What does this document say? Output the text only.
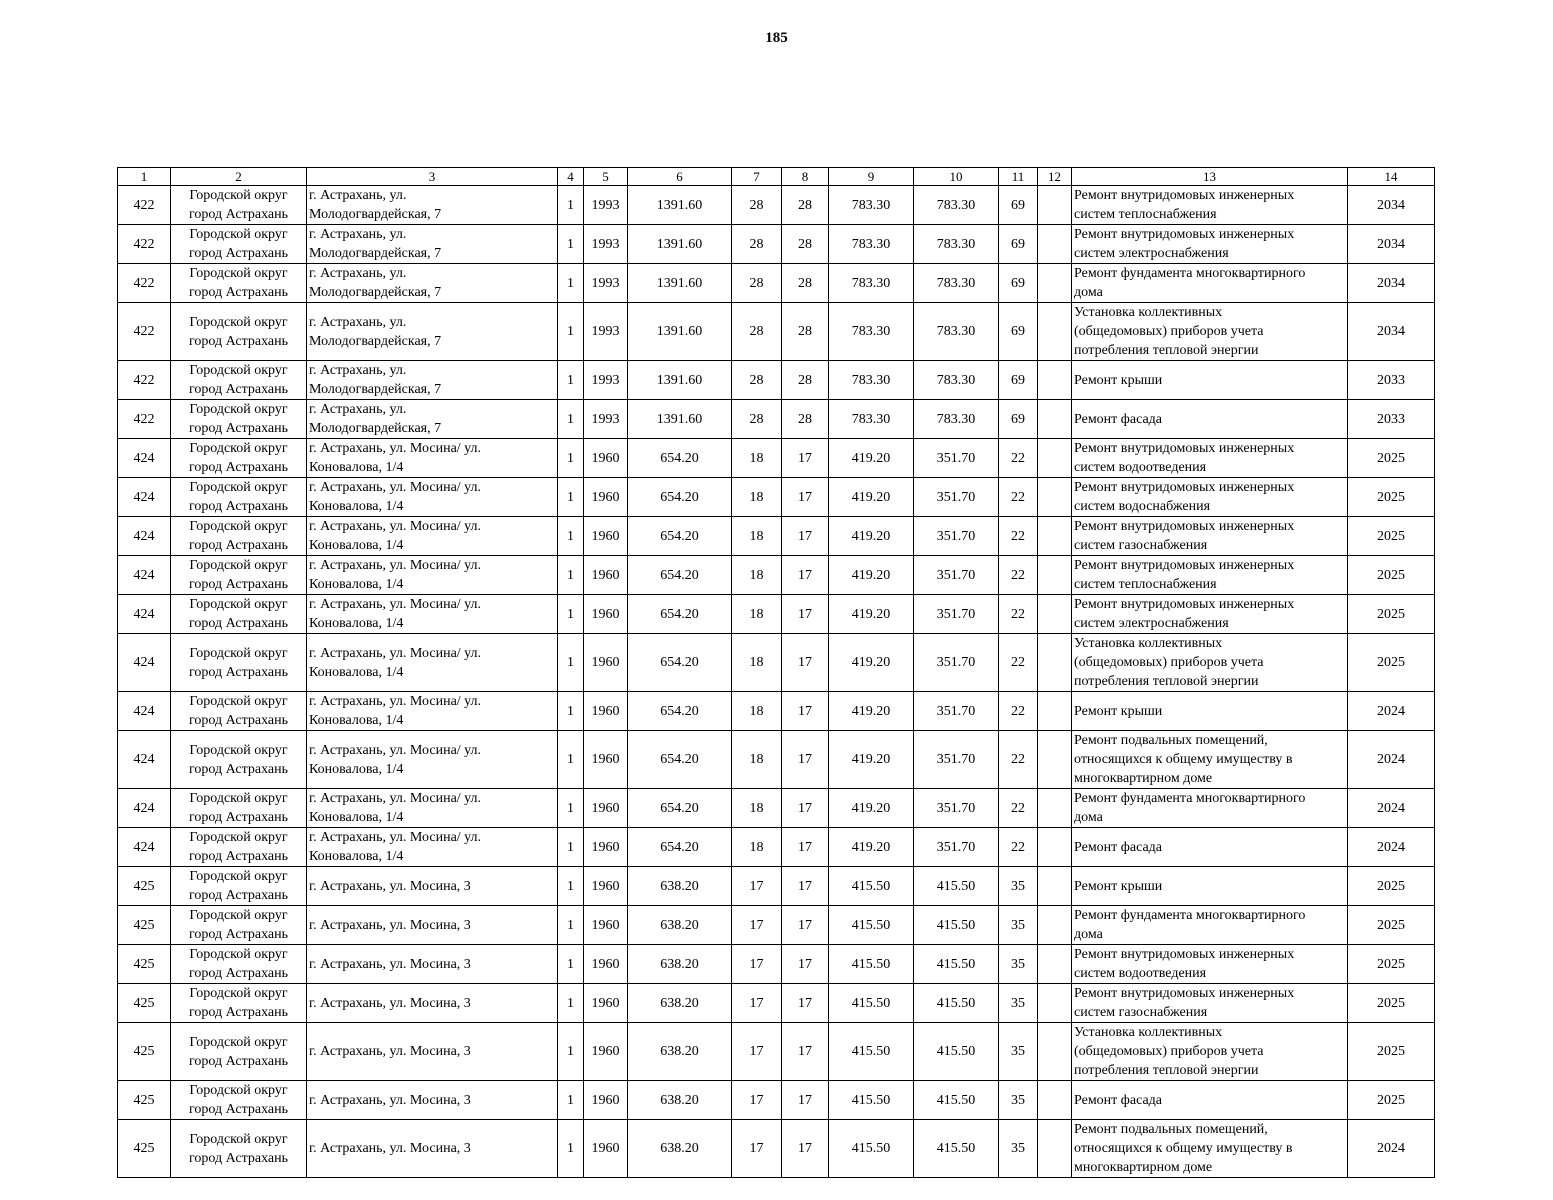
185
1	2	3	4	5	6	7	8	9	10	11	12	13	14
422	Городской округ
город Астрахань	г. Астрахань, ул.
Молодогвардейская, 7	1	1993	1391.60	28	28	783.30	783.30	69		Ремонт внутридомовых инженерных
систем теплоснабжения	2034
422	Городской округ
город Астрахань	г. Астрахань, ул.
Молодогвардейская, 7	1	1993	1391.60	28	28	783.30	783.30	69		Ремонт внутридомовых инженерных
систем электроснабжения	2034
422	Городской округ
город Астрахань	г. Астрахань, ул.
Молодогвардейская, 7	1	1993	1391.60	28	28	783.30	783.30	69		Ремонт фундамента многоквартирного
дома	2034
422	Городской округ
город Астрахань	г. Астрахань, ул.
Молодогвардейская, 7	1	1993	1391.60	28	28	783.30	783.30	69		Установка коллективных
(общедомовых) приборов учета
потребления тепловой энергии	2034
422	Городской округ
город Астрахань	г. Астрахань, ул.
Молодогвардейская, 7	1	1993	1391.60	28	28	783.30	783.30	69		Ремонт крыши	2033
422	Городской округ
город Астрахань	г. Астрахань, ул.
Молодогвардейская, 7	1	1993	1391.60	28	28	783.30	783.30	69		Ремонт фасада	2033
424	Городской округ
город Астрахань	г. Астрахань, ул. Мосина/ ул.
Коновалова, 1/4	1	1960	654.20	18	17	419.20	351.70	22		Ремонт внутридомовых инженерных
систем водоотведения	2025
424	Городской округ
город Астрахань	г. Астрахань, ул. Мосина/ ул.
Коновалова, 1/4	1	1960	654.20	18	17	419.20	351.70	22		Ремонт внутридомовых инженерных
систем водоснабжения	2025
424	Городской округ
город Астрахань	г. Астрахань, ул. Мосина/ ул.
Коновалова, 1/4	1	1960	654.20	18	17	419.20	351.70	22		Ремонт внутридомовых инженерных
систем газоснабжения	2025
424	Городской округ
город Астрахань	г. Астрахань, ул. Мосина/ ул.
Коновалова, 1/4	1	1960	654.20	18	17	419.20	351.70	22		Ремонт внутридомовых инженерных
систем теплоснабжения	2025
424	Городской округ
город Астрахань	г. Астрахань, ул. Мосина/ ул.
Коновалова, 1/4	1	1960	654.20	18	17	419.20	351.70	22		Ремонт внутридомовых инженерных
систем электроснабжения	2025
424	Городской округ
город Астрахань	г. Астрахань, ул. Мосина/ ул.
Коновалова, 1/4	1	1960	654.20	18	17	419.20	351.70	22		Установка коллективных
(общедомовых) приборов учета
потребления тепловой энергии	2025
424	Городской округ
город Астрахань	г. Астрахань, ул. Мосина/ ул.
Коновалова, 1/4	1	1960	654.20	18	17	419.20	351.70	22		Ремонт крыши	2024
424	Городской округ
город Астрахань	г. Астрахань, ул. Мосина/ ул.
Коновалова, 1/4	1	1960	654.20	18	17	419.20	351.70	22		Ремонт подвальных помещений,
относящихся к общему имуществу в
многоквартирном доме	2024
424	Городской округ
город Астрахань	г. Астрахань, ул. Мосина/ ул.
Коновалова, 1/4	1	1960	654.20	18	17	419.20	351.70	22		Ремонт фундамента многоквартирного
дома	2024
424	Городской округ
город Астрахань	г. Астрахань, ул. Мосина/ ул.
Коновалова, 1/4	1	1960	654.20	18	17	419.20	351.70	22		Ремонт фасада	2024
425	Городской округ
город Астрахань	г. Астрахань, ул. Мосина, 3	1	1960	638.20	17	17	415.50	415.50	35		Ремонт крыши	2025
425	Городской округ
город Астрахань	г. Астрахань, ул. Мосина, 3	1	1960	638.20	17	17	415.50	415.50	35		Ремонт фундамента многоквартирного
дома	2025
425	Городской округ
город Астрахань	г. Астрахань, ул. Мосина, 3	1	1960	638.20	17	17	415.50	415.50	35		Ремонт внутридомовых инженерных
систем водоотведения	2025
425	Городской округ
город Астрахань	г. Астрахань, ул. Мосина, 3	1	1960	638.20	17	17	415.50	415.50	35		Ремонт внутридомовых инженерных
систем газоснабжения	2025
425	Городской округ
город Астрахань	г. Астрахань, ул. Мосина, 3	1	1960	638.20	17	17	415.50	415.50	35		Установка коллективных
(общедомовых) приборов учета
потребления тепловой энергии	2025
425	Городской округ
город Астрахань	г. Астрахань, ул. Мосина, 3	1	1960	638.20	17	17	415.50	415.50	35		Ремонт фасада	2025
425	Городской округ
город Астрахань	г. Астрахань, ул. Мосина, 3	1	1960	638.20	17	17	415.50	415.50	35		Ремонт подвальных помещений,
относящихся к общему имуществу в
многоквартирном доме	2024
